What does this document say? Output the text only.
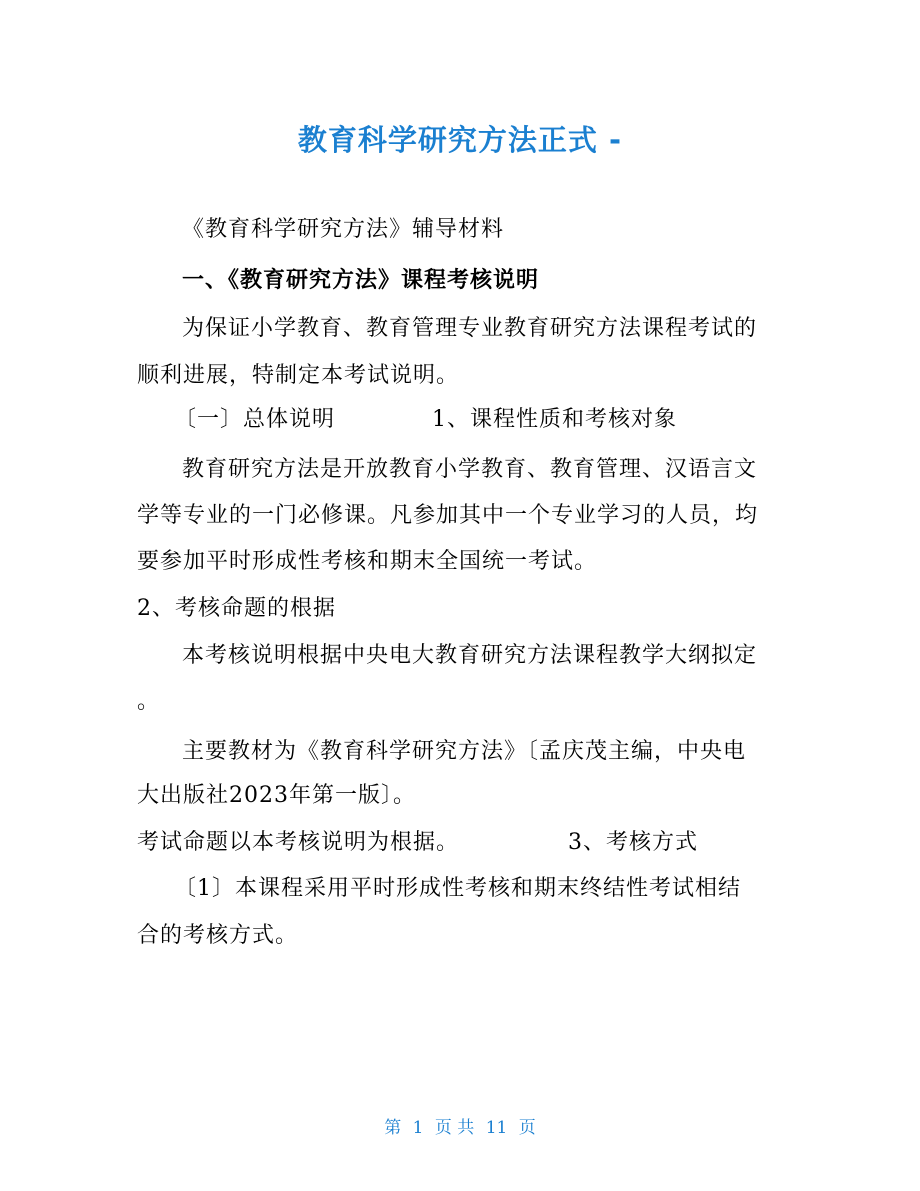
教育科学研究方法正式 -
《教育科学研究方法》辅导材料
一、《教育研究方法》课程考核说明
为保证小学教育、教育管理专业教育研究方法课程考试的
顺利进展，特制定本考试说明。
〔一〕总体说明	1、课程性质和考核对象
教育研究方法是开放教育小学教育、教育管理、汉语言文
学等专业的一门必修课。凡参加其中一个专业学习的人员，均
要参加平时形成性考核和期末全国统一考试。
2、考核命题的根据
本考核说明根据中央电大教育研究方法课程教学大纲拟定
。
主要教材为《教育科学研究方法》〔孟庆茂主编，中央电
大出版社2023年第一版〕。
考试命题以本考核说明为根据。	3、考核方式
〔1〕本课程采用平时形成性考核和期末终结性考试相结
合的考核方式。
第 1 页 共 11 页
